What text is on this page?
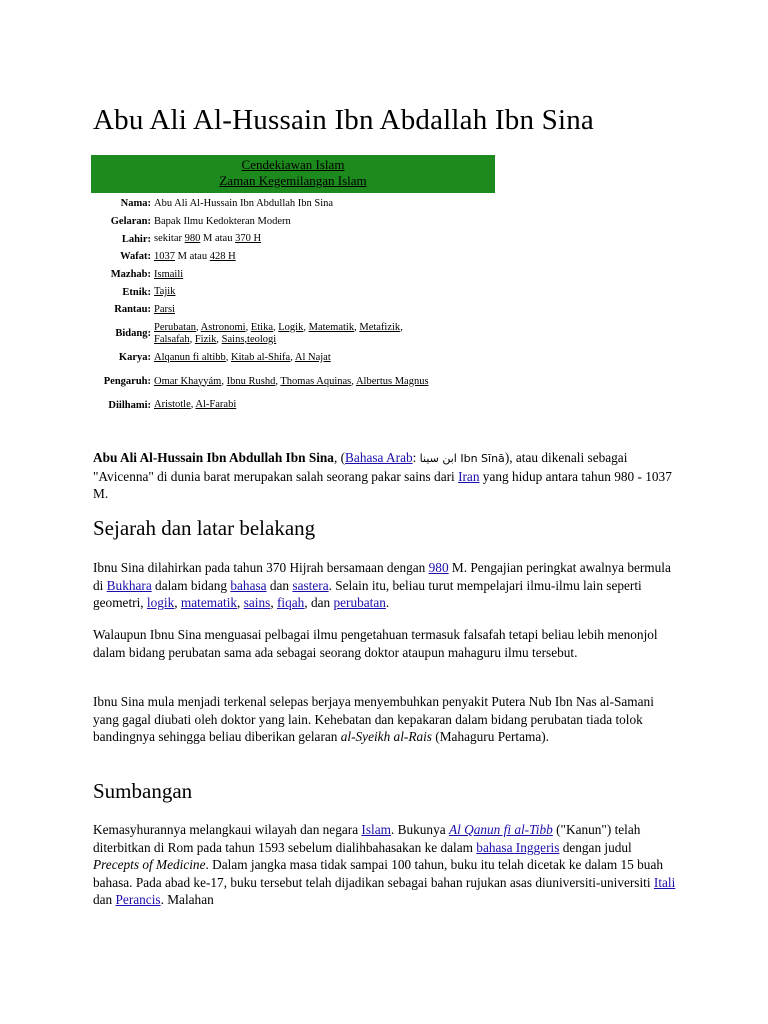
Abu Ali Al-Hussain Ibn Abdallah Ibn Sina
Cendekiawan Islam
Zaman Kegemilangan Islam
Nama:	Abu Ali Al-Hussain Ibn Abdullah Ibn Sina
Gelaran:	Bapak Ilmu Kedokteran Modern
Lahir:	sekitar 980 M atau 370 H
Wafat:	1037 M atau 428 H
Mazhab:	Ismaili
Etnik:	Tajik
Rantau:	Parsi
Bidang:	Perubatan, Astronomi, Etika, Logik, Matematik, Metafizik,
Falsafah, Fizik, Sains,teologi
Karya:	Alqanun fi altibb, Kitab al-Shifa, Al Najat
Pengaruh:	Omar Khayyám, Ibnu Rushd, Thomas Aquinas, Albertus Magnus
Diilhami:	Aristotle, Al-Farabi

Abu Ali Al-Hussain Ibn Abdullah Ibn Sina, (Bahasa Arab: ابن سينا Ibn Sīnā), atau dikenali sebagai "Avicenna" di dunia barat merupakan salah seorang pakar sains dari Iran yang hidup antara tahun 980 - 1037 M.

Sejarah dan latar belakang

Ibnu Sina dilahirkan pada tahun 370 Hijrah bersamaan dengan 980 M. Pengajian peringkat awalnya bermula di Bukhara dalam bidang bahasa dan sastera. Selain itu, beliau turut mempelajari ilmu-ilmu lain seperti geometri, logik, matematik, sains, fiqah, dan perubatan.

Walaupun Ibnu Sina menguasai pelbagai ilmu pengetahuan termasuk falsafah tetapi beliau lebih menonjol dalam bidang perubatan sama ada sebagai seorang doktor ataupun mahaguru ilmu tersebut.

Ibnu Sina mula menjadi terkenal selepas berjaya menyembuhkan penyakit Putera Nub Ibn Nas al-Samani yang gagal diubati oleh doktor yang lain. Kehebatan dan kepakaran dalam bidang perubatan tiada tolok bandingnya sehingga beliau diberikan gelaran al-Syeikh al-Rais (Mahaguru Pertama).

Sumbangan

Kemasyhurannya melangkaui wilayah dan negara Islam. Bukunya Al Qanun fi al-Tibb ("Kanun") telah diterbitkan di Rom pada tahun 1593 sebelum dialihbahasakan ke dalam bahasa Inggeris dengan judul Precepts of Medicine. Dalam jangka masa tidak sampai 100 tahun, buku itu telah dicetak ke dalam 15 buah bahasa. Pada abad ke-17, buku tersebut telah dijadikan sebagai bahan rujukan asas diuniversiti-universiti Itali dan Perancis. Malahan
